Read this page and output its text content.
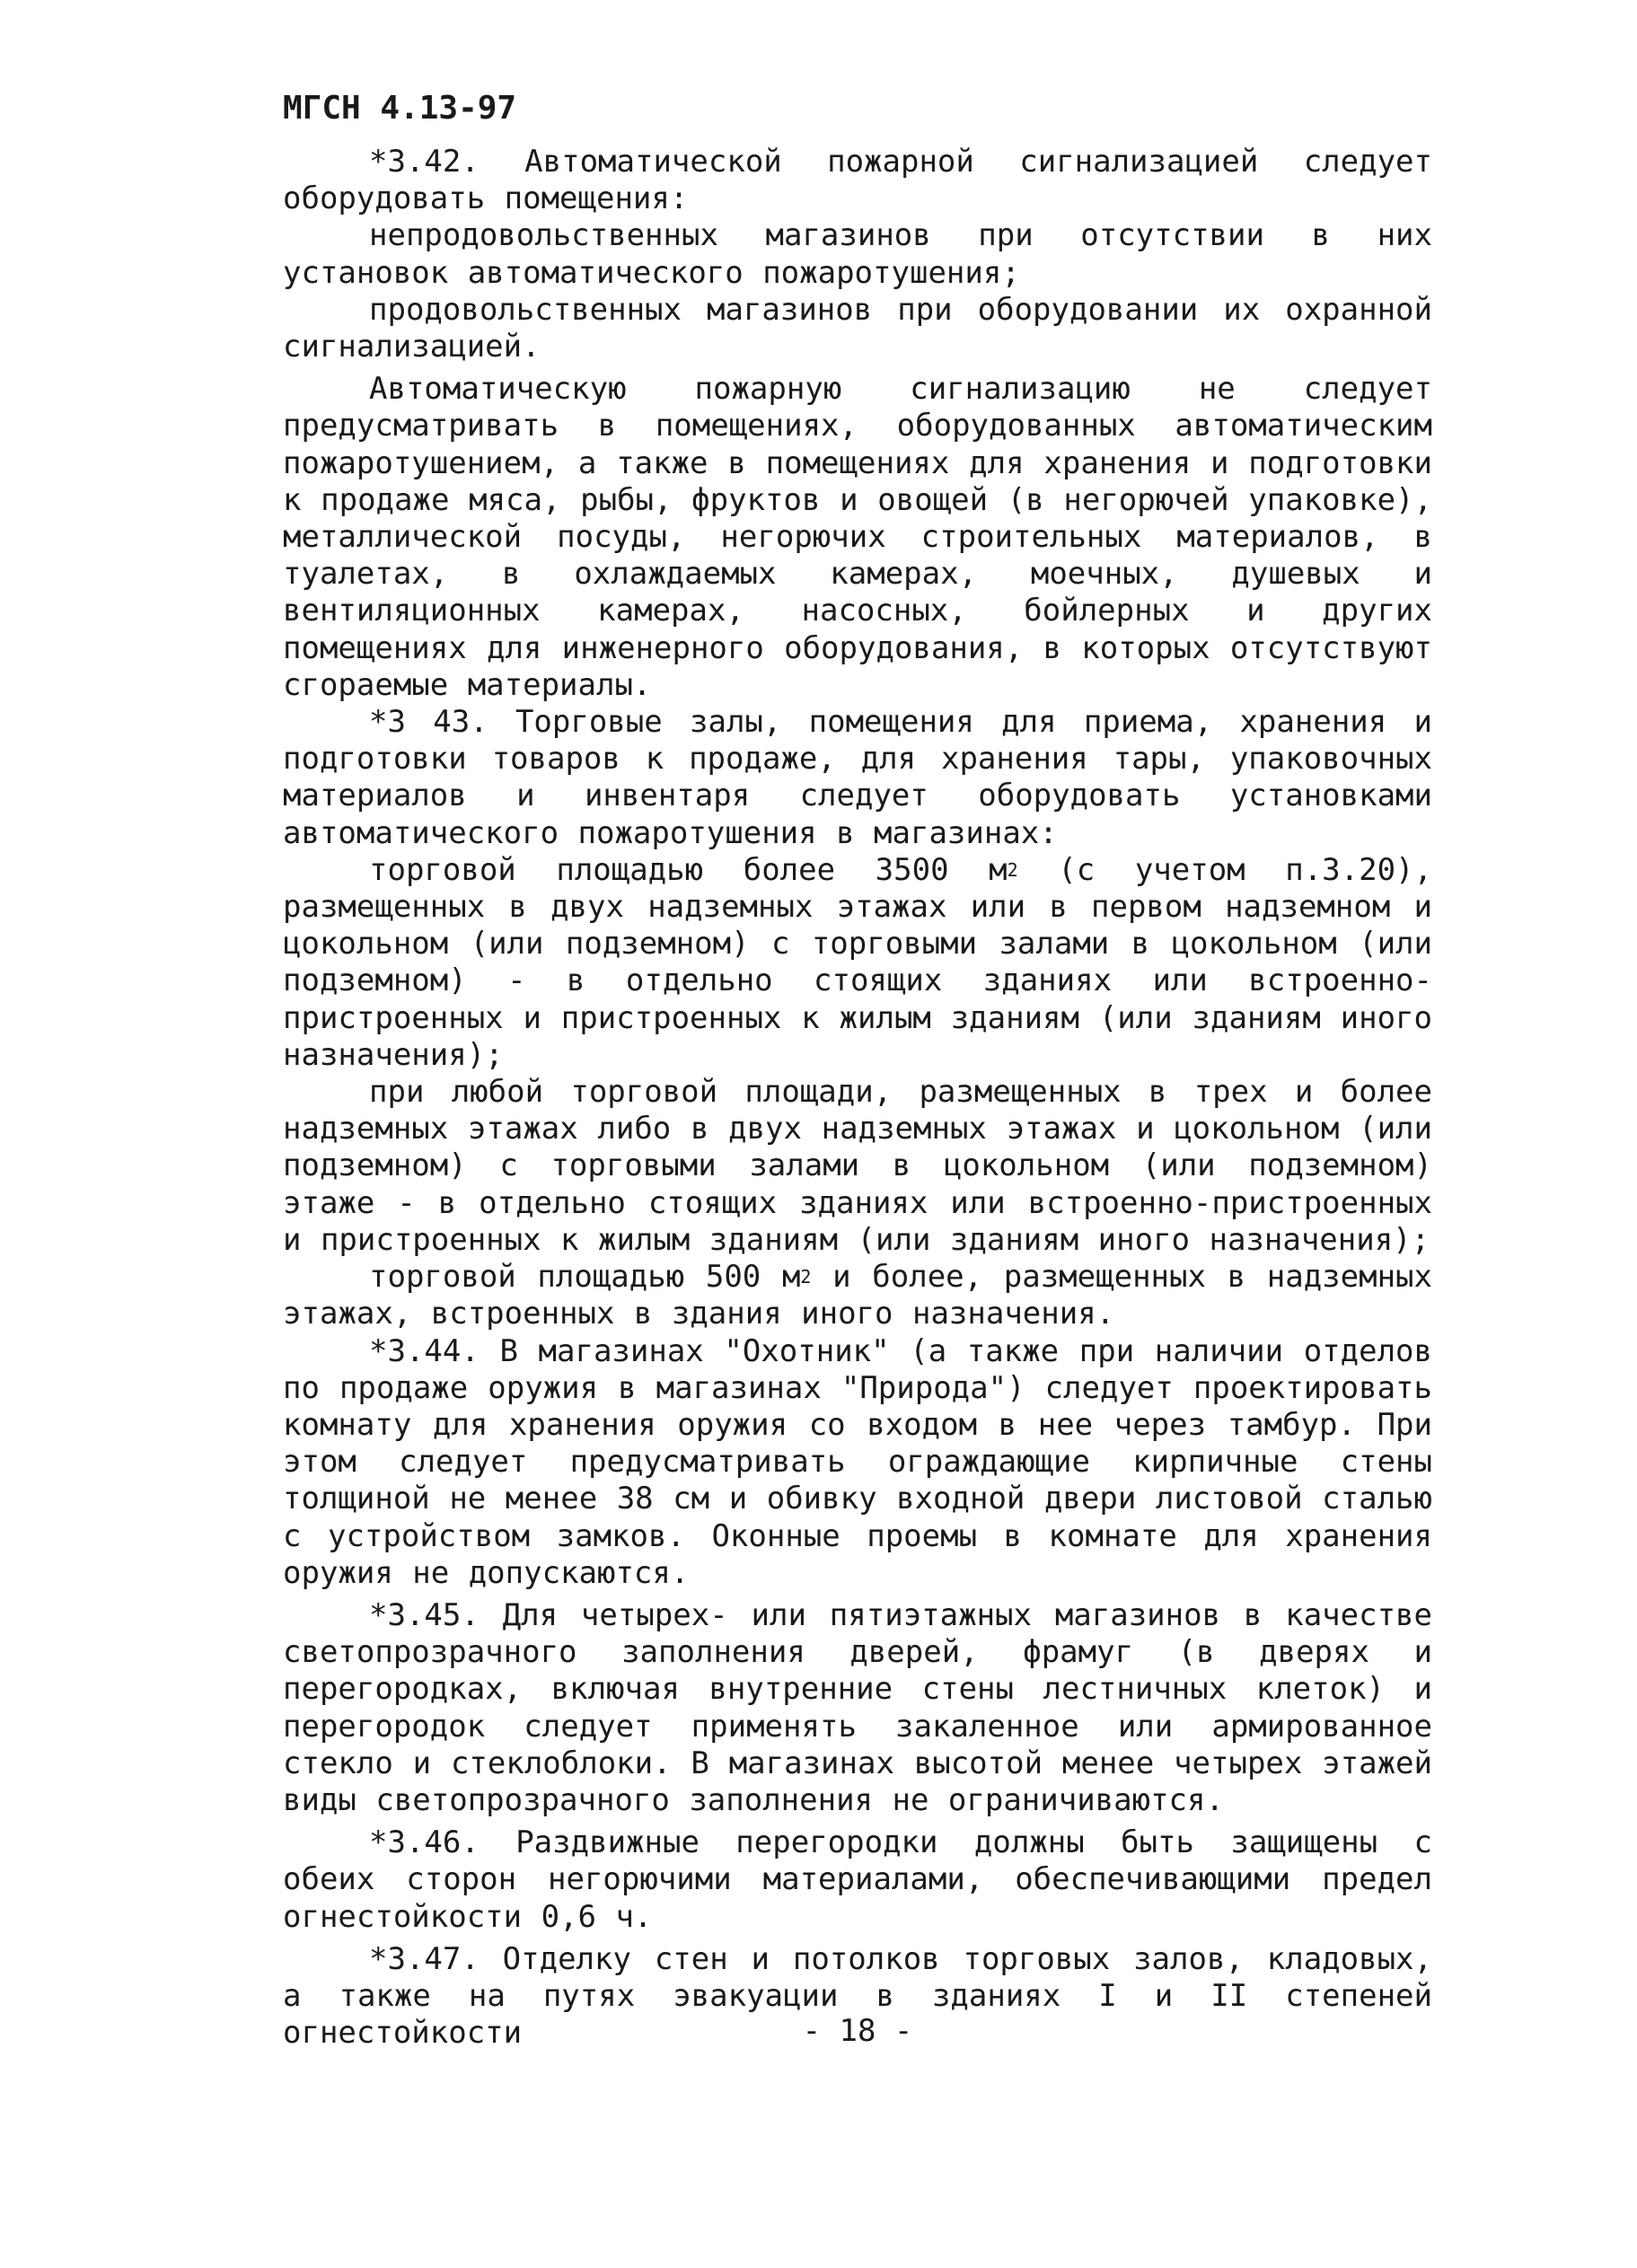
МГСН 4.13-97

*3.42. Автоматической пожарной сигнализацией следует оборудовать помещения:

непродовольственных магазинов при отсутствии в них установок автоматического пожаротушения;

продовольственных магазинов при оборудовании их охранной сигнализацией.

Автоматическую пожарную сигнализацию не следует предусматривать в помещениях, оборудованных автоматическим пожаротушением, а также в помещениях для хранения и подготовки к продаже мяса, рыбы, фруктов и овощей (в негорючей упаковке), металлической посуды, негорючих строительных материалов, в туалетах, в охлаждаемых камерах, моечных, душевых и вентиляционных камерах, насосных, бойлерных и других помещениях для инженерного оборудования, в которых отсутствуют сгораемые материалы.

*3 43. Торговые залы, помещения для приема, хранения и подготовки товаров к продаже, для хранения тары, упаковочных материалов и инвентаря следует оборудовать установками автоматического пожаротушения в магазинах:

торговой площадью более 3500 $м^2$ (с учетом п.3.20), размещенных в двух надземных этажах или в первом надземном и цокольном (или подземном) с торговыми залами в цокольном (или подземном) - в отдельно стоящих зданиях или встроенно-пристроенных и пристроенных к жилым зданиям (или зданиям иного назначения);

при любой торговой площади, размещенных в трех и более надземных этажах либо в двух надземных этажах и цокольном (или подземном) с торговыми залами в цокольном (или подземном) этаже - в отдельно стоящих зданиях или встроенно-пристроенных и пристроенных к жилым зданиям (или зданиям иного назначения);

торговой площадью 500 $м^2$ и более, размещенных в надземных этажах, встроенных в здания иного назначения.

*3.44. В магазинах "Охотник" (а также при наличии отделов по продаже оружия в магазинах "Природа") следует проектировать комнату для хранения оружия со входом в нее через тамбур. При этом следует предусматривать ограждающие кирпичные стены толщиной не менее 38 см и обивку входной двери листовой сталью с устройством замков. Оконные проемы в комнате для хранения оружия не допускаются.

*3.45. Для четырех- или пятиэтажных магазинов в качестве светопрозрачного заполнения дверей, фрамуг (в дверях и перегородках, включая внутренние стены лестничных клеток) и перегородок следует применять закаленное или армированное стекло и стеклоблоки. В магазинах высотой менее четырех этажей виды светопрозрачного заполнения не ограничиваются.

*3.46. Раздвижные перегородки должны быть защищены с обеих сторон негорючими материалами, обеспечивающими предел огнестойкости 0,6 ч.

*3.47. Отделку стен и потолков торговых залов, кладовых, а также на путях эвакуации в зданиях I и II степеней огнестойкости	- 18 -
